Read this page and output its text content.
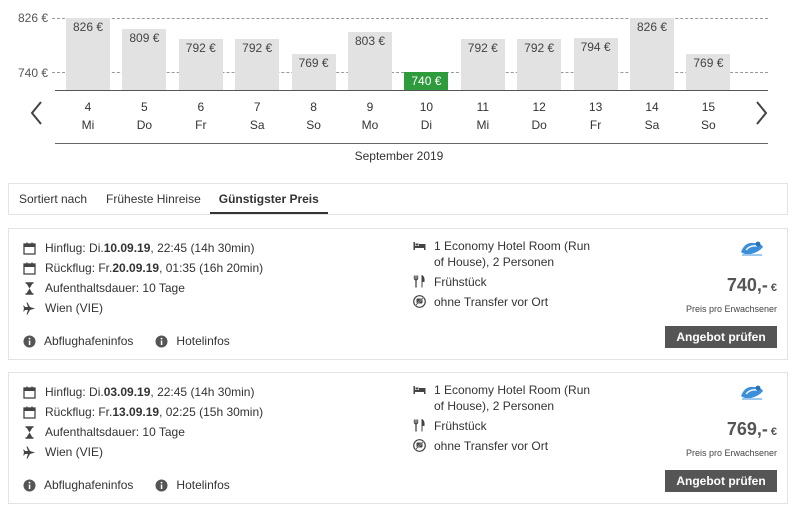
826 €
740 €
826 €
809 €
792 €	792 €
769 €
803 €
740 €
792 €	792 €	794 €
826 €
769 €
4
Mi
5
Do
6
Fr
7
Sa
8
So
9
Mo
10
Di
11
Mi
12
Do
13
Fr
14
Sa
15
So
September 2019
Sortiert nach	Früheste Hinreise	Günstigster Preis
Hinflug: Di. 10.09.19 , 22:45 (14h 30min)
Rückflug: Fr. 20.09.19 , 01:35 (16h 20min)
Aufenthaltsdauer: 10 Tage
Wien (VIE)
1 Economy Hotel Room (Run of House), 2 Personen
Frühstück
ohne Transfer vor Ort
Abflughafeninfos	Hotelinfos
740,- €
Preis pro Erwachsener
Angebot prüfen
Hinflug: Di. 03.09.19 , 22:45 (14h 30min)
Rückflug: Fr. 13.09.19 , 02:25 (15h 30min)
Aufenthaltsdauer: 10 Tage
Wien (VIE)
1 Economy Hotel Room (Run of House), 2 Personen
Frühstück
ohne Transfer vor Ort
Abflughafeninfos	Hotelinfos
769,- €
Preis pro Erwachsener
Angebot prüfen
